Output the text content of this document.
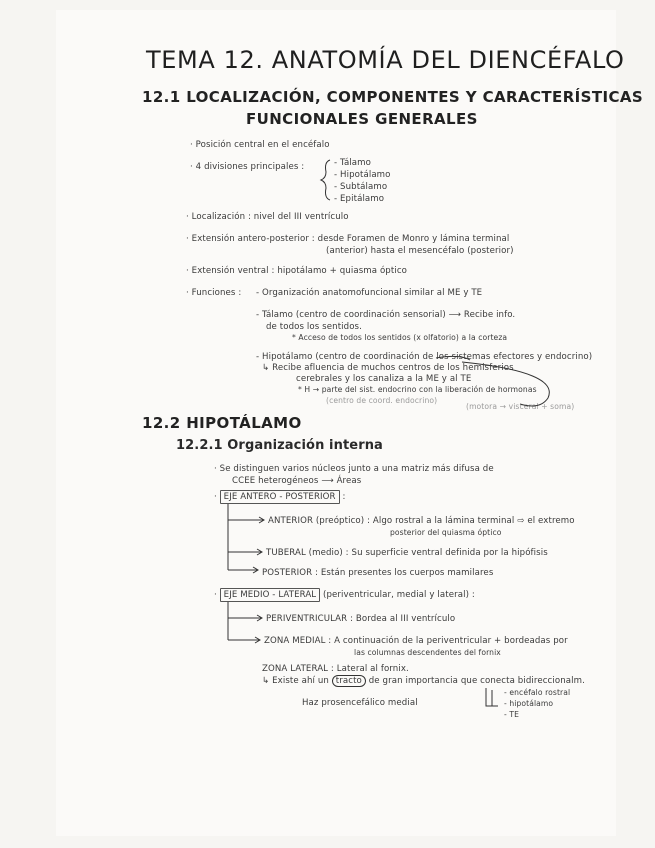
TEMA 12. ANATOMÍA DEL DIENCÉFALO
12.1 LOCALIZACIÓN, COMPONENTES Y CARACTERÍSTICAS
FUNCIONALES GENERALES
· Posición central en el encéfalo
· 4 divisiones principales :	- Tálamo
- Hipotálamo
- Subtálamo
- Epitálamo
· Localización : nivel del III ventrículo
· Extensión antero-posterior : desde Foramen de Monro y lámina terminal
(anterior) hasta el mesencéfalo (posterior)
· Extensión ventral : hipotálamo + quiasma óptico
· Funciones : - Organización anatomofuncional similar al ME y TE
- Tálamo (centro de coordinación sensorial) ⟶ Recibe info.
de todos los sentidos.
* Acceso de todos los sentidos (x olfatorio) a la corteza
- Hipotálamo (centro de coordinación de los sistemas efectores y endocrino)
↳ Recibe afluencia de muchos centros de los hemisferios
cerebrales y los canaliza a la ME y al TE
* H → parte del sist. endocrino con la liberación de hormonas
(centro de coord. endocrino)
(motora → visceral + soma)
12.2 HIPOTÁLAMO
12.2.1 Organización interna
· Se distinguen varios núcleos junto a una matriz más difusa de
CCEE heterogéneos ⟶ Áreas
· EJE ANTERO - POSTERIOR :
ANTERIOR (preóptico) : Algo rostral a la lámina terminal ⇨ el extremo
posterior del quiasma óptico
TUBERAL (medio) : Su superficie ventral definida por la hipófisis
POSTERIOR : Están presentes los cuerpos mamilares
· EJE MEDIO - LATERAL (periventricular, medial y lateral) :
PERIVENTRICULAR : Bordea al III ventrículo
ZONA MEDIAL : A continuación de la periventricular + bordeadas por
las columnas descendentes del fornix
ZONA LATERAL : Lateral al fornix.
↳ Existe ahí un tracto de gran importancia que conecta bidireccionalm.
Haz prosencefálico medial
- encéfalo rostral
- hipotálamo
- TE
